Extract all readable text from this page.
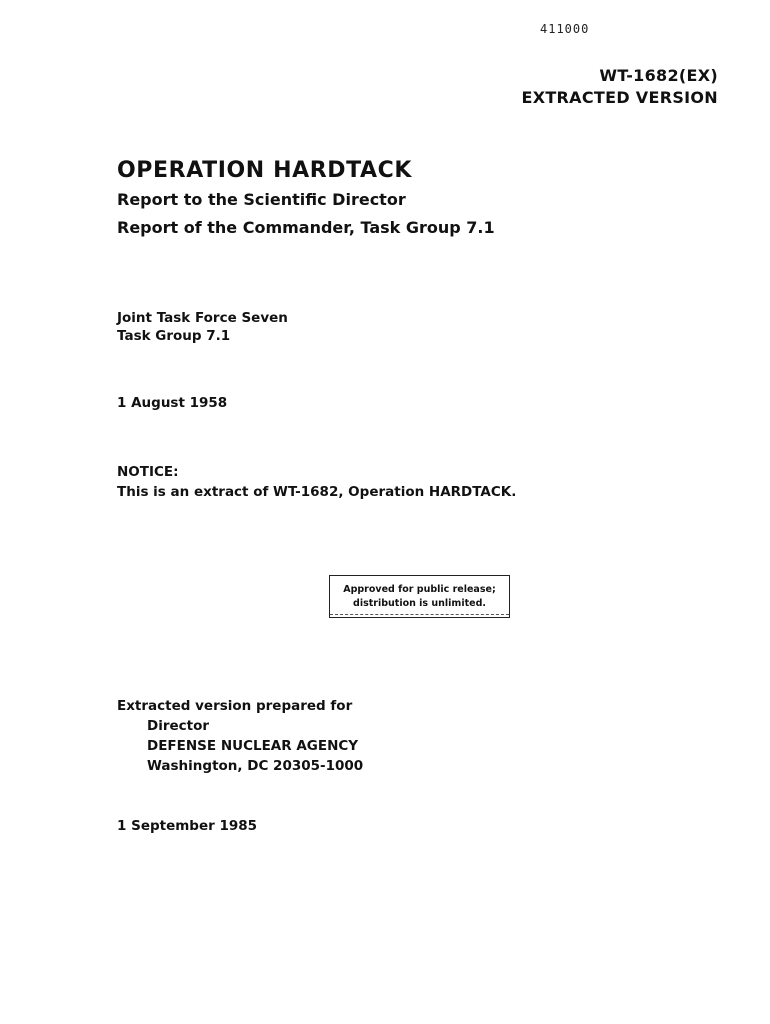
411000
WT-1682(EX)
EXTRACTED VERSION
OPERATION HARDTACK
Report to the Scientific Director
Report of the Commander, Task Group 7.1
Joint Task Force Seven
Task Group 7.1
1 August 1958
NOTICE:
This is an extract of WT-1682, Operation HARDTACK.
Approved for public release;
distribution is unlimited.
Extracted version prepared for
Director
DEFENSE NUCLEAR AGENCY
Washington, DC 20305-1000
1 September 1985
